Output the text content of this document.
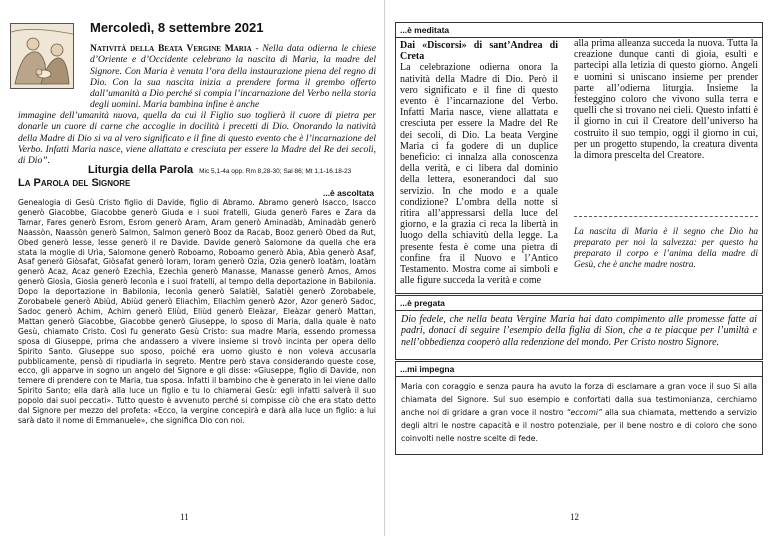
Mercoledì, 8 settembre 2021
Natività della Beata Vergine Maria - Nella data odierna le chiese d’Oriente e d’Occidente celebrano la nascita di Maria, la madre del Signore. Con Maria è venuta l’ora della instaurazione piena del regno di Dio. Con la sua nascita inizia a prendere forma il grembo offerto dall’umanità a Dio perché si compia l’incarnazione del Verbo nella storia degli uomini. Maria bambina infine è anche
immagine dell’umanità nuova, quella da cui il Figlio suo toglierà il cuore di pietra per donarle un cuore di carne che accoglie in docilità i precetti di Dio. Onorando la natività della Madre di Dio si va al vero significato e il fine di questo evento che è l’incarnazione del Verbo. Infatti Maria nasce, viene allattata e cresciuta per essere la Madre del Re dei secoli, di Dio”.
Liturgia della Parola Mic 5,1-4a opp. Rm 8,28-30; Sal 86; Mt 1,1-16.18-23
La Parola del Signore
...è ascoltata
Genealogia di Gesù Cristo figlio di Davide, figlio di Abramo. Abramo generò Isacco, Isacco generò Giacobbe, Giacobbe generò Giuda e i suoi fratelli, Giuda generò Fares e Zara da Tamar, Fares generò Esrom, Esrom generò Aram, Aram generò Aminadàb, Aminadàb generò Naassòn, Naassòn generò Salmon, Salmon generò Booz da Racab, Booz generò Obed da Rut, Obed generò Iesse, Iesse generò il re Davide. Davide generò Salomone da quella che era stata la moglie di Urìa, Salomone generò Roboamo, Roboamo generò Abìa, Abìa generò Asaf, Asaf generò Giòsafat, Giòsafat generò Ioram, Ioram generò Ozìa, Ozìa generò Ioatàm, Ioatàm generò Acaz, Acaz generò Ezechìa, Ezechìa generò Manasse, Manasse generò Amos, Amos generò Giosìa, Giosìa generò Ieconìa e i suoi fratelli, al tempo della deportazione in Babilonia. Dopo la deportazione in Babilonia, Ieconìa generò Salatièl, Salatièl generò Zorobabele, Zorobabele generò Abiùd, Abiùd generò Eliachìm, Eliachìm generò Azor, Azor generò Sadoc, Sadoc generò Achim, Achim generò Eliùd, Eliùd generò Eleàzar, Eleàzar generò Mattan, Mattan generò Giacobbe, Giacobbe generò Giuseppe, lo sposo di Maria, dalla quale è nato Gesù, chiamato Cristo. Così fu generato Gesù Cristo: sua madre Maria, essendo promessa sposa di Giuseppe, prima che andassero a vivere insieme si trovò incinta per opera dello Spirito Santo. Giuseppe suo sposo, poiché era uomo giusto e non voleva accusarla pubblicamente, pensò di ripudiarla in segreto. Mentre però stava considerando queste cose, ecco, gli apparve in sogno un angelo del Signore e gli disse: «Giuseppe, figlio di Davide, non temere di prendere con te Maria, tua sposa. Infatti il bambino che è generato in lei viene dallo Spirito Santo; ella darà alla luce un figlio e tu lo chiamerai Gesù: egli infatti salverà il suo popolo dai suoi peccati». Tutto questo è avvenuto perché si compisse ciò che era stato detto dal Signore per mezzo del profeta: «Ecco, la vergine concepirà e darà alla luce un figlio: a lui sarà dato il nome di Emmanuele», che significa Dio con noi.
11
...è meditata
Dai «Discorsi» di sant’Andrea di Creta
La celebrazione odierna onora la natività della Madre di Dio. Però il vero significato e il fine di questo evento è l’incarnazione del Verbo. Infatti Maria nasce, viene allattata e cresciuta per essere la Madre del Re dei secoli, di Dio. La beata Vergine Maria ci fa godere di un duplice beneficio: ci innalza alla conoscenza della verità, e ci libera dal dominio della lettera, esonerandoci dal suo servizio. In che modo e a quale condizione? L’ombra della notte si ritira all’appressarsi della luce del giorno, e la grazia ci reca la libertà in luogo della schiavitù della legge. La presente festa è come una pietra di confine fra il Nuovo e l’Antico Testamento. Mostra come ai simboli e alle figure succeda la verità e come
alla prima alleanza succeda la nuova. Tutta la creazione dunque canti di gioia, esulti e partecipi alla letizia di questo giorno. Angeli e uomini si uniscano insieme per prender parte all’odierna liturgia. Insieme la festeggino coloro che vivono sulla terra e quelli che si trovano nei cieli. Questo infatti è il giorno in cui il Creatore dell’universo ha costruito il suo tempio, oggi il giorno in cui, per un progetto stupendo, la creatura diventa la dimora prescelta del Creatore.
La nascita di Maria è il segno che Dio ha preparato per noi la salvezza: per questo ha preparato il corpo e l’anima della madre di Gesù, che è anche madre nostra.
...è pregata
Dio fedele, che nella beata Vergine Maria hai dato compimento alle promesse fatte ai padri, donaci di seguire l’esempio della figlia di Sion, che a te piacque per l’umiltà e nell’obbedienza cooperò alla redenzione del mondo. Per Cristo nostro Signore.
...mi impegna
Maria con coraggio e senza paura ha avuto la forza di esclamare a gran voce il suo Si alla chiamata del Signore. Sul suo esempio e confortati dalla sua testimonianza, cerchiamo anche noi di gridare a gran voce il nostro “eccomi” alla sua chiamata, mettendo a servizio degli altri le nostre capacità e il nostro potenziale, per il bene nostro e di coloro che sono coinvolti nelle nostre scelte di fede.
12
